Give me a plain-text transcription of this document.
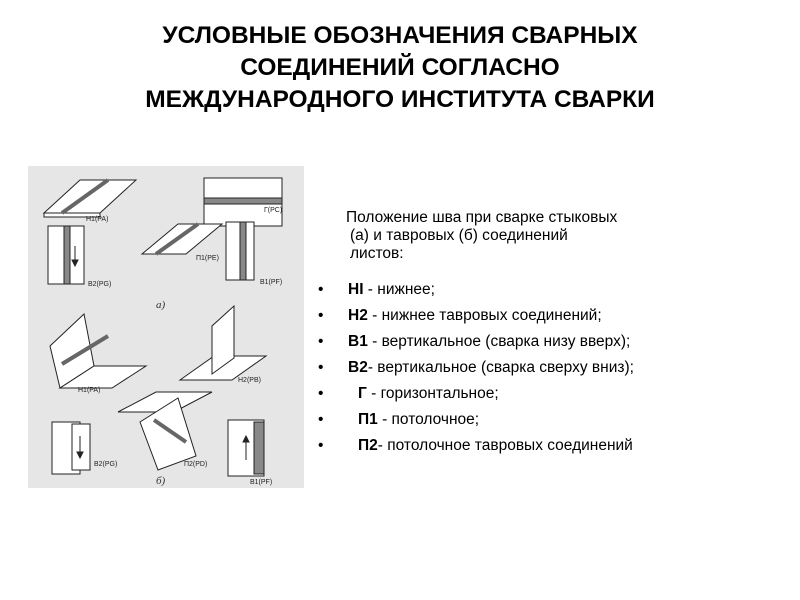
УСЛОВНЫЕ ОБОЗНАЧЕНИЯ СВАРНЫХ
СОЕДИНЕНИЙ СОГЛАСНО
МЕЖДУНАРОДНОГО ИНСТИТУТА СВАРКИ
H1(PA)
Г(PC)
П1(PE)
B2(PG)	B1(PF)
а)
H1(PA)
H2(PB)
B2(PG)	П2(PD)
B1(PF)
б)
Положение шва при сварке стыковых
(а) и тавровых (б) соединений
листов:
• HI - нижнее;
• H2 - нижнее тавровых соединений;
• B1 - вертикальное (сварка низу вверх);
• B2- вертикальное (сварка сверху вниз);
• Г - горизонтальное;
• П1 - потолочное;
• П2- потолочное тавровых соединений
